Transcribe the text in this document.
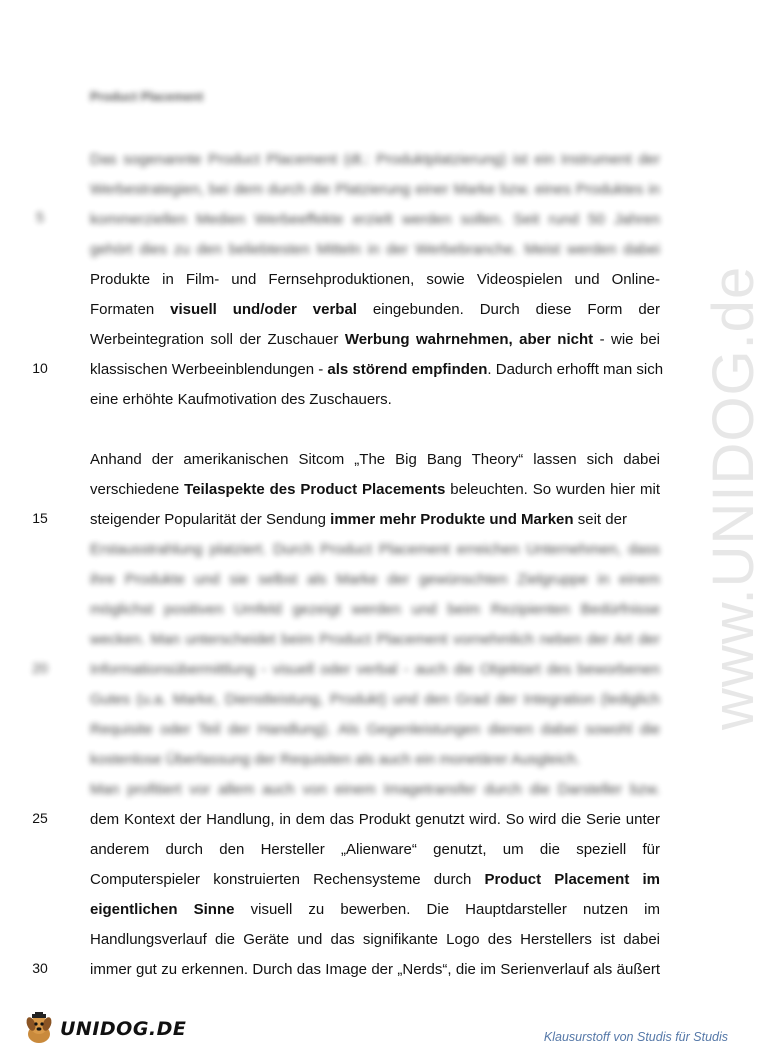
www.UNIDOG.de
Product Placement
5
10
15
20
25
30
Das sogenannte Product Placement (dt.: Produktplatzierung) ist ein Instrument der
Werbestrategien, bei dem durch die Platzierung einer Marke bzw. eines Produktes in
kommerziellen Medien Werbeeffekte erzielt werden sollen. Seit rund 50 Jahren
gehört dies zu den beliebtesten Mitteln in der Werbebranche. Meist werden dabei
Produkte in Film- und Fernsehproduktionen, sowie Videospielen und Online-
Formaten visuell und/oder verbal eingebunden. Durch diese Form der
Werbeintegration soll der Zuschauer Werbung wahrnehmen, aber nicht - wie bei
klassischen Werbeeinblendungen - als störend empfinden. Dadurch erhofft man sich
eine erhöhte Kaufmotivation des Zuschauers.
Anhand der amerikanischen Sitcom „The Big Bang Theory“ lassen sich dabei
verschiedene Teilaspekte des Product Placements beleuchten. So wurden hier mit
steigender Popularität der Sendung immer mehr Produkte und Marken seit der
Erstausstrahlung platziert. Durch Product Placement erreichen Unternehmen, dass
ihre Produkte und sie selbst als Marke der gewünschten Zielgruppe in einem
möglichst positiven Umfeld gezeigt werden und beim Rezipienten Bedürfnisse
wecken. Man unterscheidet beim Product Placement vornehmlich neben der Art der
Informationsübermittlung - visuell oder verbal - auch die Objektart des beworbenen
Gutes (u.a. Marke, Dienstleistung, Produkt) und den Grad der Integration (lediglich
Requisite oder Teil der Handlung). Als Gegenleistungen dienen dabei sowohl die
kostenlose Überlassung der Requisiten als auch ein monetärer Ausgleich.
Man profitiert vor allem auch von einem Imagetransfer durch die Darsteller bzw.
dem Kontext der Handlung, in dem das Produkt genutzt wird. So wird die Serie unter
anderem durch den Hersteller „Alienware“ genutzt, um die speziell für
Computerspieler konstruierten Rechensysteme durch Product Placement im
eigentlichen Sinne visuell zu bewerben. Die Hauptdarsteller nutzen im
Handlungsverlauf die Geräte und das signifikante Logo des Herstellers ist dabei
immer gut zu erkennen. Durch das Image der „Nerds“, die im Serienverlauf als äußert
UNIDOG.DE	Klausurstoff von Studis für Studis
